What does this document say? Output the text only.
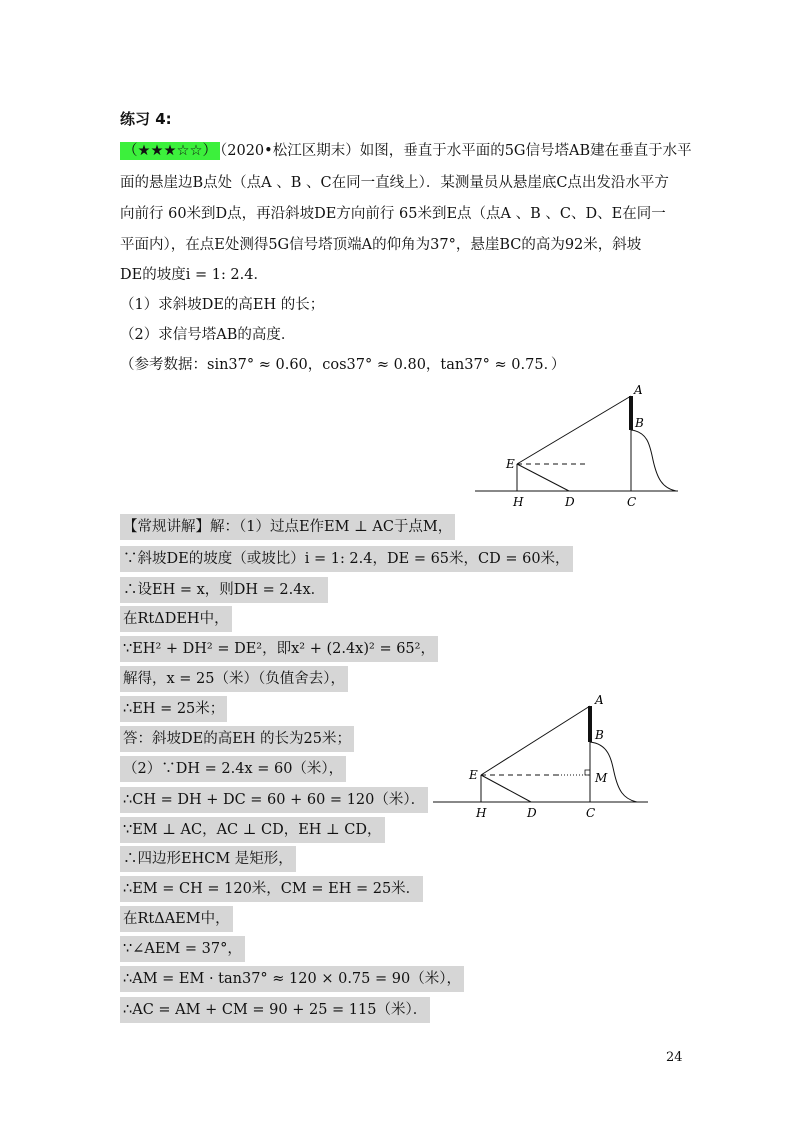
练习 4:
（★★★☆☆） （2020•松江区期末）如图，垂直于水平面的5G信号塔AB建在垂直于水平
面的悬崖边B点处（点A 、B 、C在同一直线上）．某测量员从悬崖底C点出发沿水平方
向前行 60米到D点，再沿斜坡DE方向前行 65米到E点（点A 、B 、C、D、E在同一
平面内），在点E处测得5G信号塔顶端A的仰角为37°，悬崖BC的高为92米，斜坡
DE的坡度i = 1: 2.4．
（1）求斜坡DE的高EH 的长；
（2）求信号塔AB的高度．
（参考数据：sin37° ≈ 0.60，cos37° ≈ 0.80，tan37° ≈ 0.75．）
A
B
E
H	D	C
【常规讲解】解：（1）过点E作EM ⊥ AC于点M，
∵斜坡DE的坡度（或坡比）i = 1: 2.4，DE = 65米，CD = 60米，
∴设EH = x，则DH = 2.4x．
在RtΔDEH中，
∵EH² + DH² = DE²，即x² + (2.4x)² = 65²，
解得，x = 25（米）（负值舍去），
∴EH = 25米；
答：斜坡DE的高EH 的长为25米；
（2）∵DH = 2.4x = 60（米），
∴CH = DH + DC = 60 + 60 = 120（米）．
∵EM ⊥ AC，AC ⊥ CD，EH ⊥ CD，
∴四边形EHCM 是矩形，
∴EM = CH = 120米，CM = EH = 25米．
在RtΔAEM中，
∵∠AEM = 37°，
∴AM = EM · tan37° ≈ 120 × 0.75 = 90（米），
∴AC = AM + CM = 90 + 25 = 115（米）．
A
B
E	M
H	D	C
24
